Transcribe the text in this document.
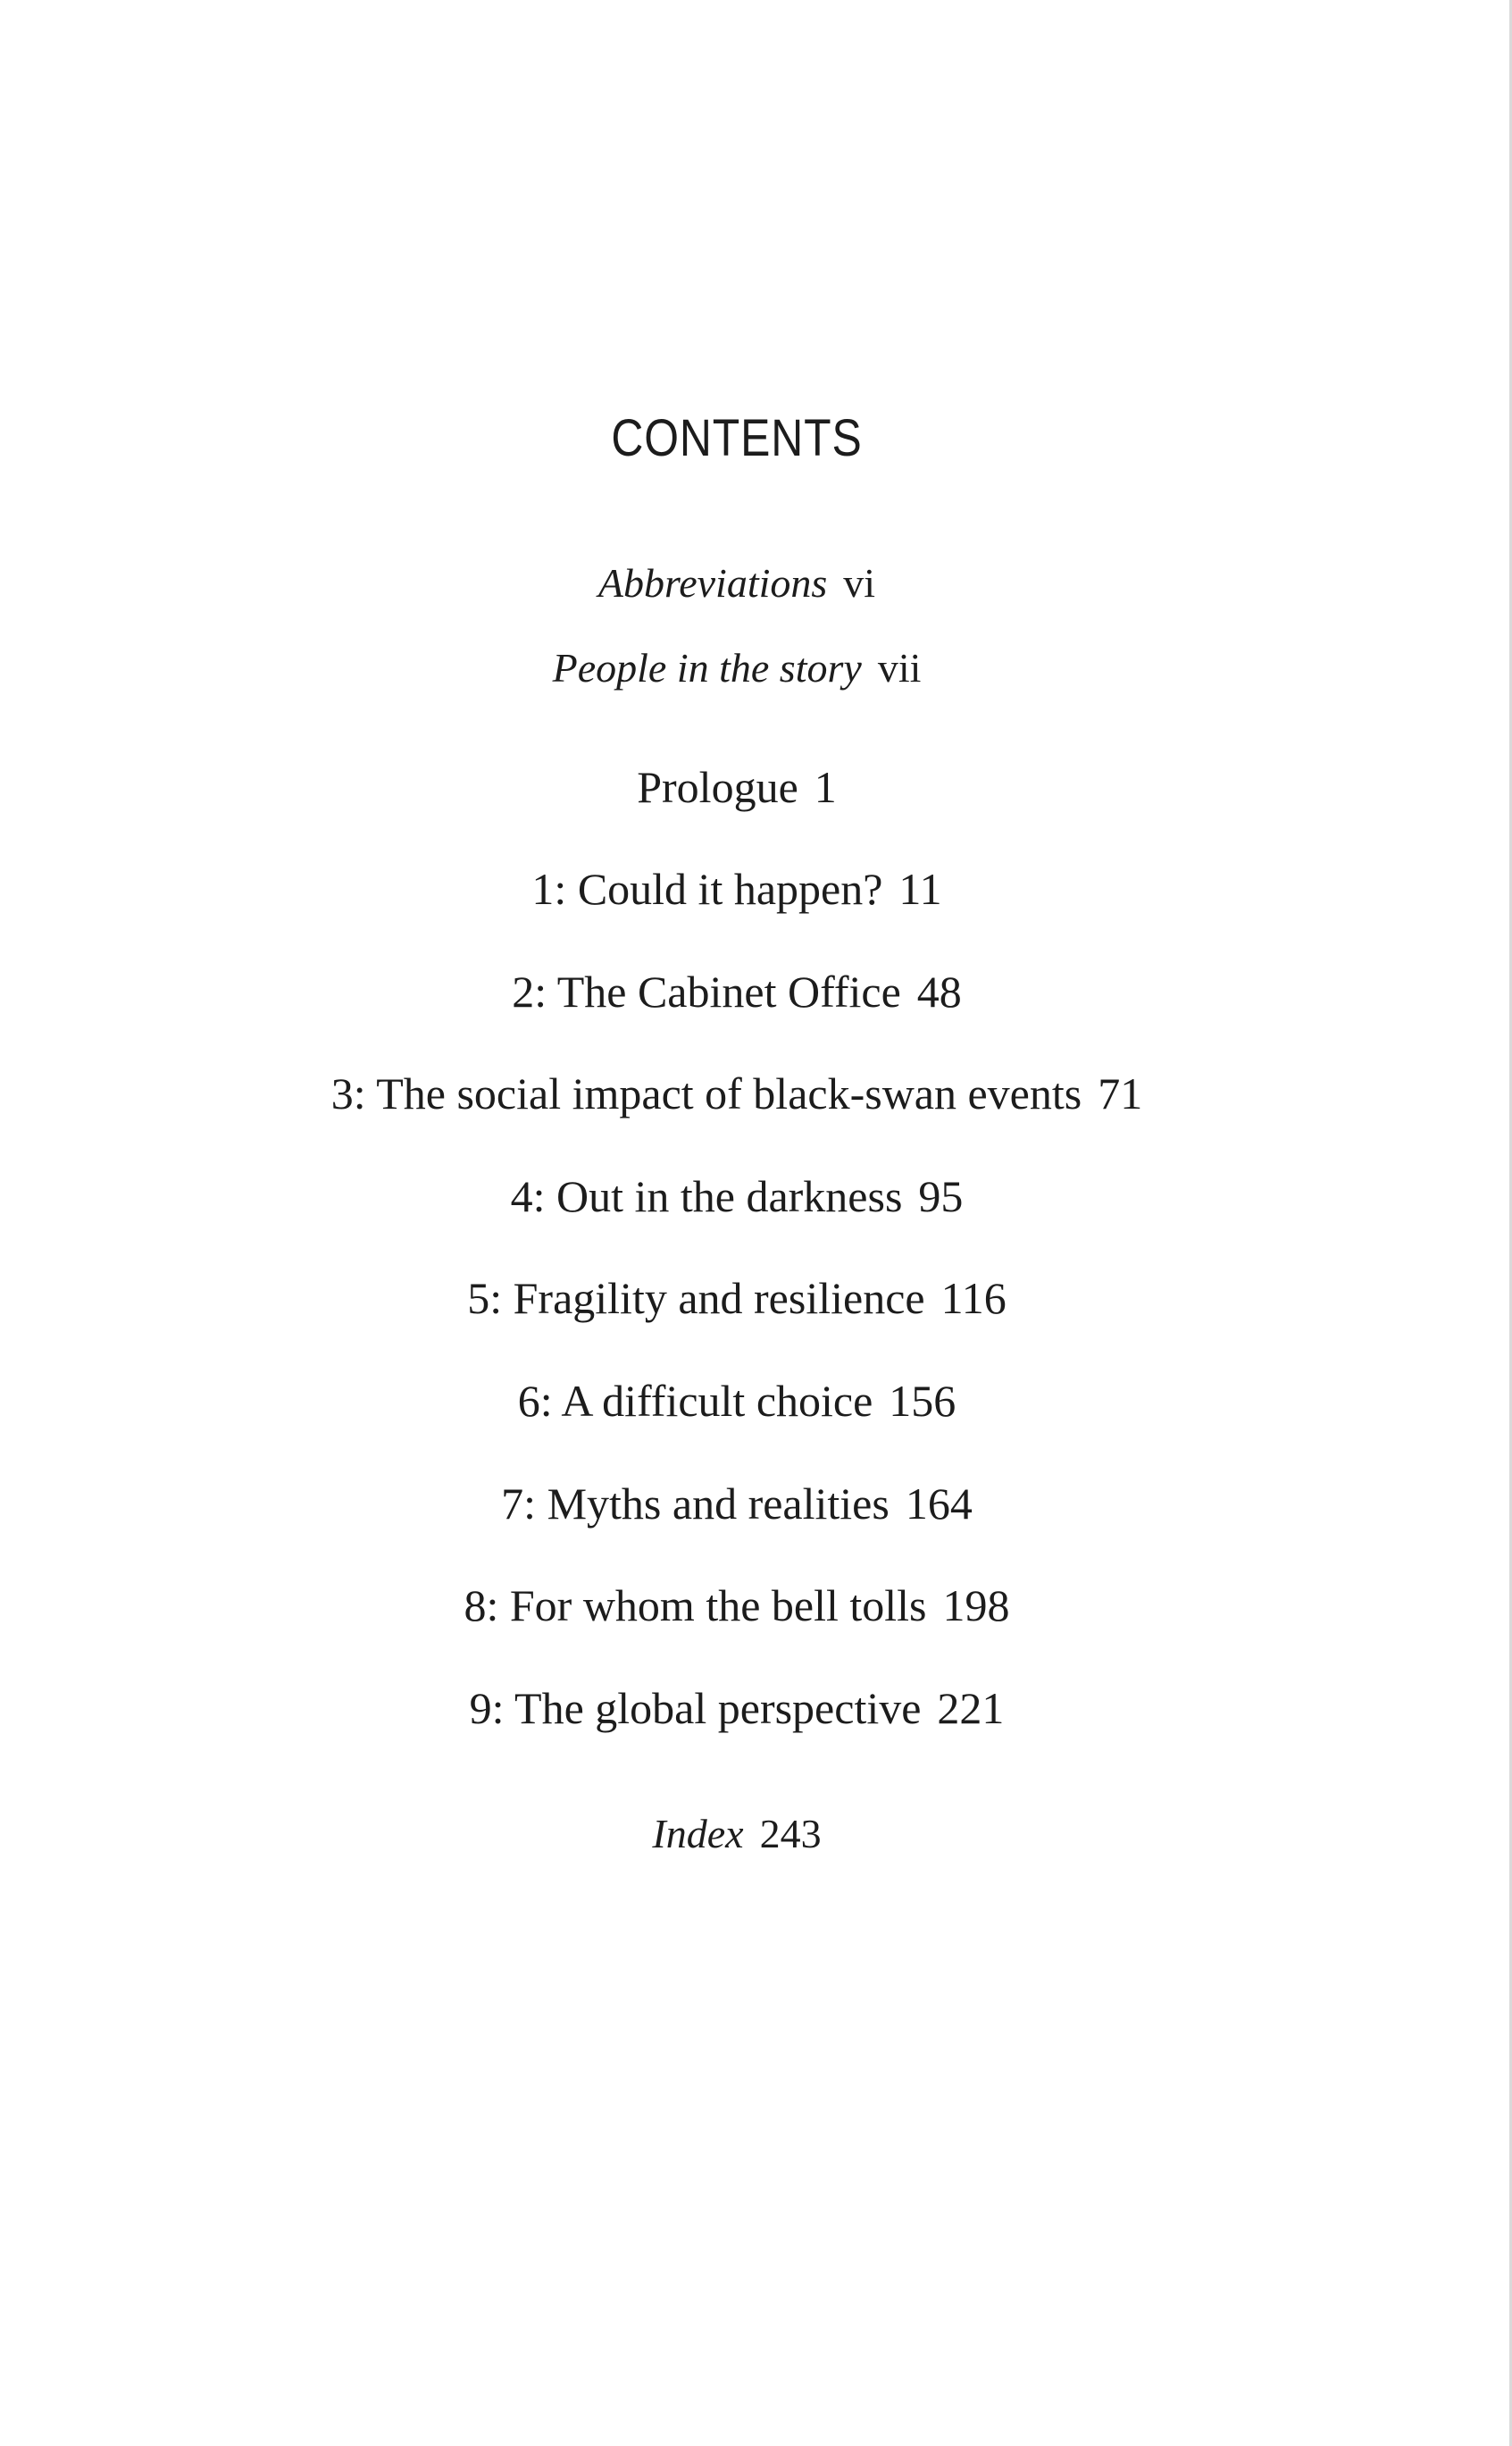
CONTENTS
Abbreviations vi
People in the story vii
Prologue 1
1: Could it happen? 11
2: The Cabinet Office 48
3: The social impact of black-swan events 71
4: Out in the darkness 95
5: Fragility and resilience 116
6: A difficult choice 156
7: Myths and realities 164
8: For whom the bell tolls 198
9: The global perspective 221
Index 243
